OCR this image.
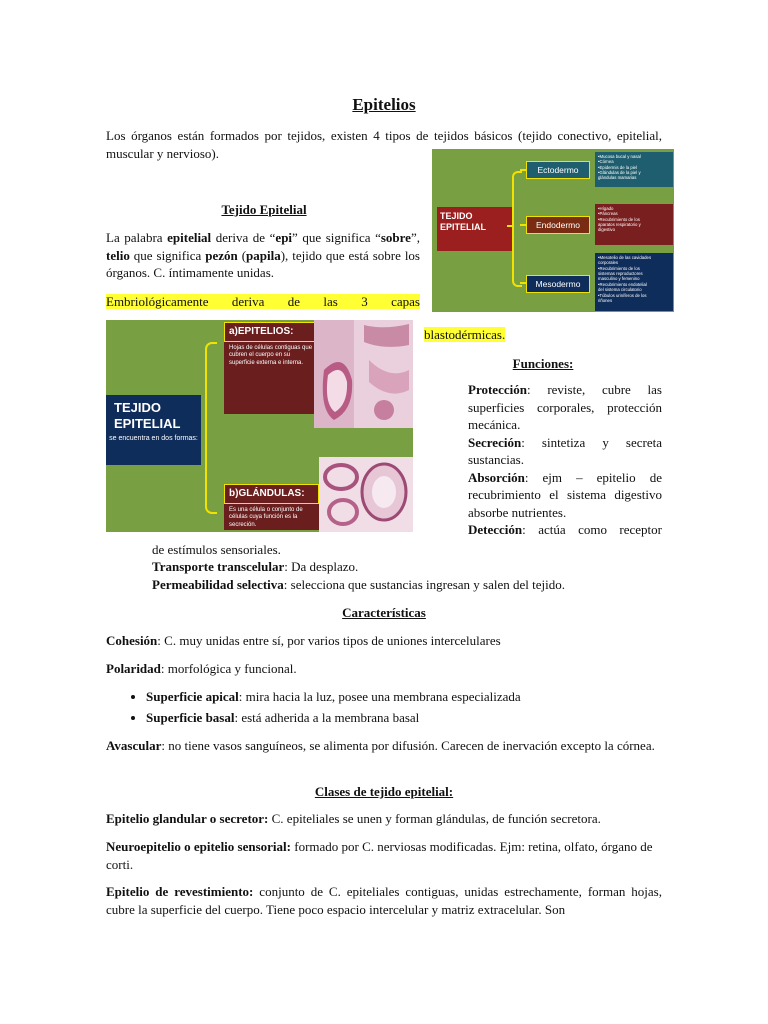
Epitelios

Los órganos están formados por tejidos, existen 4 tipos de tejidos básicos (tejido conectivo, epitelial, muscular y nervioso).

Tejido Epitelial

La palabra epitelial deriva de “epi” que significa “sobre”, telio que significa pezón (papila), tejido que está sobre los órganos. C. íntimamente unidas.

Embriológicamente deriva de las 3 capas

TEJIDO EPITELIAL
Ectodermo
Endodermo
Mesodermo
•Mucosa bucal y nasal
•Córnea
•Epidermis de la piel
•Glándulas de la piel y
glándulas mamarias
•Hígado
•Páncreas
•Recubrimiento de los
aparatos respiratorio y
digestivo
•Mesotelio de las cavidades
corporales
•Recubrimiento de los
sistemas reproductores
masculino y femenino
•Recubrimiento endotelial
del sistema circulatorio
•Túbulos uriníferos de los
riñones
TEJIDO EPITELIAL
se encuentra en dos formas:
a)EPITELIOS:
Hojas de células contiguas que cubren el cuerpo en su superficie externa e interna.
b)GLÁNDULAS:
Es una célula o conjunto de células cuya función es la secreción.

blastodérmicas.

Funciones:

Protección: reviste, cubre las superficies corporales, protección mecánica.

Secreción: sintetiza y secreta sustancias.

Absorción: ejm – epitelio de recubrimiento el sistema digestivo absorbe nutrientes.

Detección: actúa como receptor

de estímulos sensoriales.

Transporte transcelular: Da desplazo.

Permeabilidad selectiva: selecciona que sustancias ingresan y salen del tejido.

Características

Cohesión: C. muy unidas entre sí, por varios tipos de uniones intercelulares

Polaridad: morfológica y funcional.

• Superficie apical: mira hacia la luz, posee una membrana especializada
• Superficie basal: está adherida a la membrana basal

Avascular: no tiene vasos sanguíneos, se alimenta por difusión. Carecen de inervación excepto la córnea.

Clases de tejido epitelial:

Epitelio glandular o secretor: C. epiteliales se unen y forman glándulas, de función secretora.

Neuroepitelio o epitelio sensorial: formado por C. nerviosas modificadas. Ejm: retina, olfato, órgano de corti.

Epitelio de revestimiento: conjunto de C. epiteliales contiguas, unidas estrechamente, forman hojas, cubre la superficie del cuerpo. Tiene poco espacio intercelular y matriz extracelular. Son
